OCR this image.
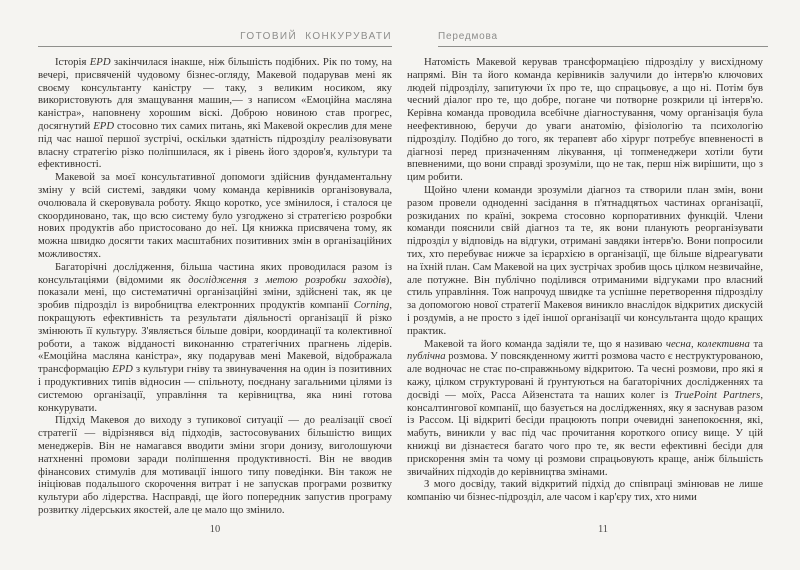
ГОТОВИЙ КОНКУРУВАТИ

Історія EPD закінчилася інакше, ніж більшість подібних. Рік по тому, на вечері, присвяченій чудовому бізнес-огляду, Макевой подарував мені як своєму консультанту каністру — таку, з великим носиком, яку використовують для змащування машин,— з написом «Емоційна масляна каністра», наповнену хорошим віскі. Доброю новиною став прогрес, досягнутий EPD стосовно тих самих питань, які Макевой окреслив для мене під час нашої першої зустрічі, оскільки здатність підрозділу реалізовувати власну стратегію різко поліпшилася, як і рівень його здоров'я, культури та ефективності.

Макевой за моєї консультативної допомоги здійснив фундаментальну зміну у всій системі, завдяки чому команда керівників організовувала, очолювала й скеровувала роботу. Якщо коротко, усе змінилося, і сталося це скоординовано, так, що всю систему було узгоджено зі стратегією розробки нових продуктів або пристосовано до неї. Ця книжка присвячена тому, як можна швидко досягти таких масштабних позитивних змін в організаційних можливостях.

Багаторічні дослідження, більша частина яких проводилася разом із консультаціями (відомими як дослідження з метою розробки заходів), показали мені, що систематичні організаційні зміни, здійснені так, як це зробив підрозділ із виробництва електронних продуктів компанії Corning, покращують ефективність та результати діяльності організації й різко змінюють її культуру. З'являється більше довіри, координації та колективної роботи, а також відданості виконанню стратегічних прагнень лідерів. «Емоційна масляна каністра», яку подарував мені Макевой, відображала трансформацію EPD з культури гніву та звинувачення на один із позитивних і продуктивних типів відносин — спільноту, поєднану загальними цілями із системою організації, управління та керівництва, яка нині готова конкурувати.

Підхід Макевоя до виходу з тупикової ситуації — до реалізації своєї стратегії — відрізнявся від підходів, застосовуваних більшістю вищих менеджерів. Він не намагався вводити зміни згори донизу, виголошуючи натхненні промови заради поліпшення продуктивності. Він не вводив фінансових стимулів для мотивації іншого типу поведінки. Він також не ініціював подальшого скорочення витрат і не запускав програми розвитку культури або лідерства. Насправді, ще його попередник запустив програму розвитку лідерських якостей, але це мало що змінило.

10
Передмова

Натомість Макевой керував трансформацією підрозділу у висхідному напрямі. Він та його команда керівників залучили до інтерв'ю ключових людей підрозділу, запитуючи їх про те, що спрацьовує, а що ні. Потім був чесний діалог про те, що добре, погане чи потворне розкрили ці інтерв'ю. Керівна команда проводила всебічне діагностування, чому організація була неефективною, беручи до уваги анатомію, фізіологію та психологію підрозділу. Подібно до того, як терапевт або хірург потребує впевненості в діагнозі перед призначенням лікування, ці топменеджери хотіли бути впевненими, що вони справді зрозуміли, що не так, перш ніж вирішити, що з цим робити.

Щойно члени команди зрозуміли діагноз та створили план змін, вони разом провели одноденні засідання в п'ятнадцятьох частинах організації, розкиданих по країні, зокрема стосовно корпоративних функцій. Члени команди пояснили свій діагноз та те, як вони планують реорганізувати підрозділ у відповідь на відгуки, отримані завдяки інтерв'ю. Вони попросили тих, хто перебуває нижче за ієрархією в організації, ще більше відреагувати на їхній план. Сам Макевой на цих зустрічах зробив щось цілком незвичайне, але потужне. Він публічно поділився отриманими відгуками про власний стиль управління. Тож напрочуд швидке та успішне перетворення підрозділу за допомогою нової стратегії Макевоя виникло внаслідок відкритих дискусій і роздумів, а не просто з ідеї іншої організації чи консультанта щодо кращих практик.

Макевой та його команда задіяли те, що я називаю чесна, колективна та публічна розмова. У повсякденному житті розмова часто є неструктурованою, але водночас не стає по-справжньому відкритою. Та чесні розмови, про які я кажу, цілком структуровані й ґрунтуються на багаторічних дослідженнях та досвіді — моїх, Расса Айзенстата та наших колег із TruePoint Partners, консалтингової компанії, що базується на дослідженнях, яку я заснував разом із Рассом. Ці відкриті бесіди працюють попри очевидні занепокоєння, які, мабуть, виникли у вас під час прочитання короткого опису вище. У цій книжці ви дізнаєтеся багато чого про те, як вести ефективні бесіди для прискорення змін та чому ці розмови спрацьовують краще, аніж більшість звичайних підходів до керівництва змінами.

З мого досвіду, такий відкритий підхід до співпраці змінював не лише компанію чи бізнес-підрозділ, але часом і кар'єру тих, хто ними

11
